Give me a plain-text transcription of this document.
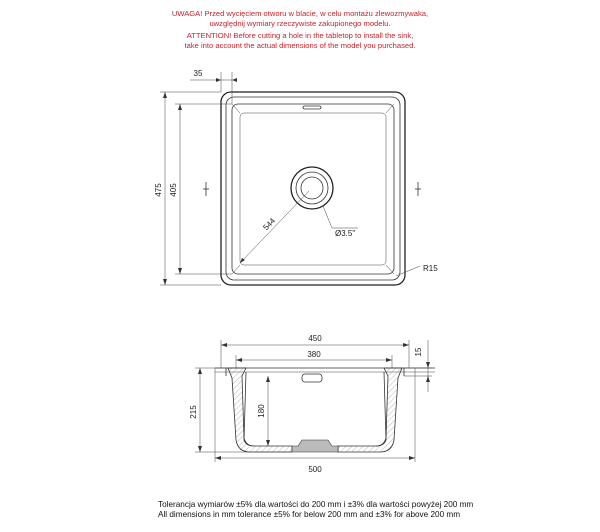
UWAGA! Przed wycięciem otworu w blacie, w celu montażu zlewozmywaka,
uwzględnij wymiary rzeczywiste zakupionego modelu.
ATTENTION! Before cutting a hole in the tabletop to install the sink,
take into account the actual dimensions of the model you purchased.
544
Ø3.5"
R15
35
475 405
450
380	15
215	180
500
Tolerancja wymiarów ±5% dla wartości do 200 mm i ±3% dla wartości powyżej 200 mm
All dimensions in mm tolerance ±5% for below 200 mm and ±3% for above 200 mm
